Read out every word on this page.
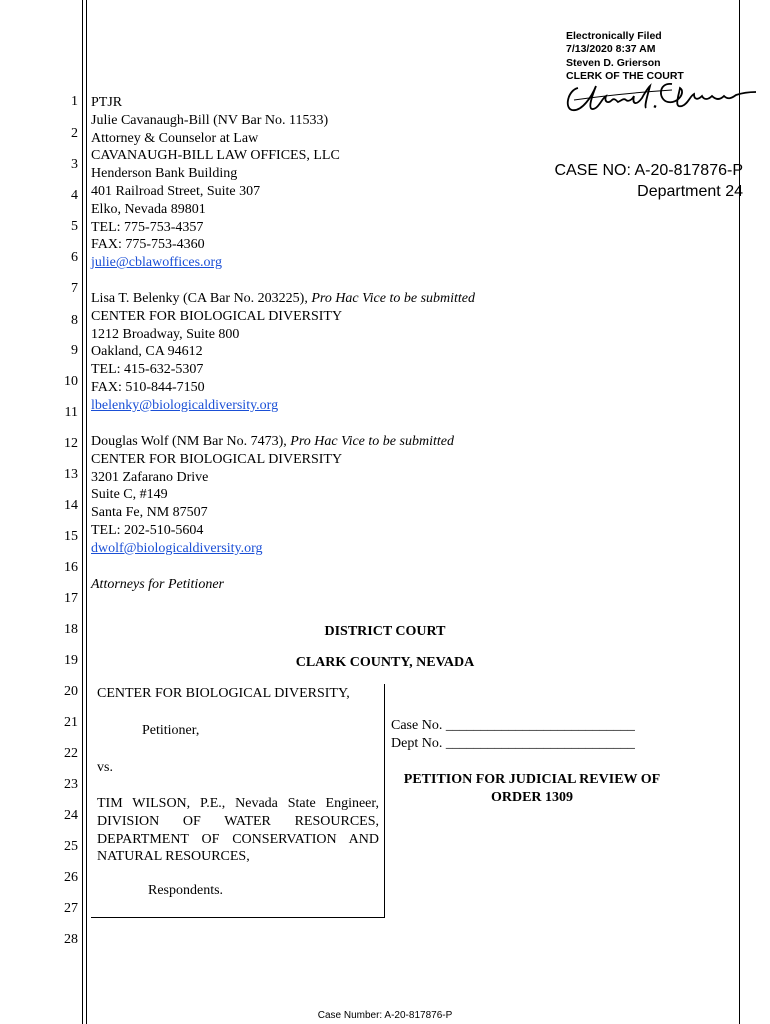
Electronically Filed
7/13/2020 8:37 AM
Steven D. Grierson
CLERK OF THE COURT
CASE NO: A-20-817876-P
Department 24
1
2
3
4
5
6
7
8
9
10
11
12
13
14
15
16
17
18
19
20
21
22
23
24
25
26
27
28
PTJR
Julie Cavanaugh-Bill (NV Bar No. 11533)
Attorney & Counselor at Law
CAVANAUGH-BILL LAW OFFICES, LLC
Henderson Bank Building
401 Railroad Street, Suite 307
Elko, Nevada 89801
TEL: 775-753-4357
FAX: 775-753-4360
julie@cblawoffices.org
Lisa T. Belenky (CA Bar No. 203225), Pro Hac Vice to be submitted
CENTER FOR BIOLOGICAL DIVERSITY
1212 Broadway, Suite 800
Oakland, CA 94612
TEL: 415-632-5307
FAX: 510-844-7150
lbelenky@biologicaldiversity.org
Douglas Wolf (NM Bar No. 7473), Pro Hac Vice to be submitted
CENTER FOR BIOLOGICAL DIVERSITY
3201 Zafarano Drive
Suite C, #149
Santa Fe, NM 87507
TEL: 202-510-5604
dwolf@biologicaldiversity.org
Attorneys for Petitioner
DISTRICT COURT
CLARK COUNTY, NEVADA
CENTER FOR BIOLOGICAL DIVERSITY,
Petitioner,
vs.
TIM WILSON, P.E., Nevada State Engineer,
DIVISION OF WATER RESOURCES,
DEPARTMENT OF CONSERVATION AND
NATURAL RESOURCES,
Respondents.
Case No. ___________________________
Dept No. ___________________________
PETITION FOR JUDICIAL REVIEW OF
ORDER 1309
Case Number: A-20-817876-P
